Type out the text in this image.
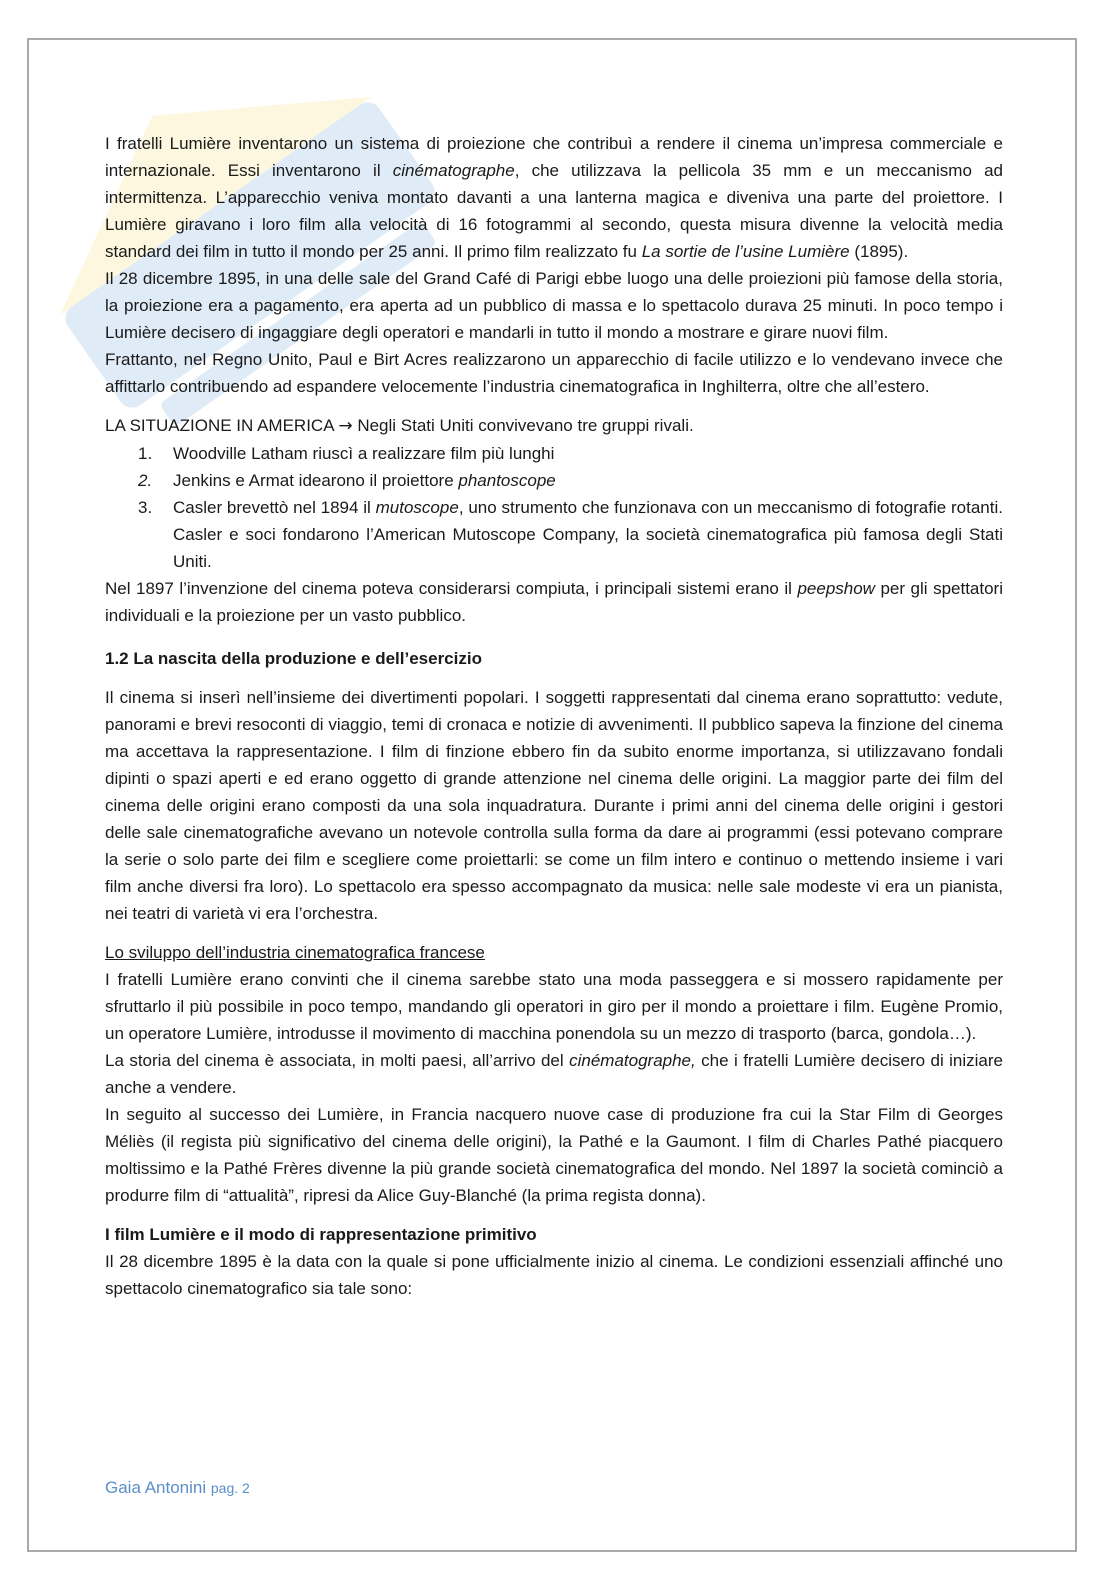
I fratelli Lumière inventarono un sistema di proiezione che contribuì a rendere il cinema un’impresa commerciale e internazionale. Essi inventarono il cinématographe, che utilizzava la pellicola 35 mm e un meccanismo ad intermittenza. L’apparecchio veniva montato davanti a una lanterna magica e diveniva una parte del proiettore. I Lumière giravano i loro film alla velocità di 16 fotogrammi al secondo, questa misura divenne la velocità media standard dei film in tutto il mondo per 25 anni. Il primo film realizzato fu La sortie de l’usine Lumière (1895).

Il 28 dicembre 1895, in una delle sale del Grand Café di Parigi ebbe luogo una delle proiezioni più famose della storia, la proiezione era a pagamento, era aperta ad un pubblico di massa e lo spettacolo durava 25 minuti. In poco tempo i Lumière decisero di ingaggiare degli operatori e mandarli in tutto il mondo a mostrare e girare nuovi film.

Frattanto, nel Regno Unito, Paul e Birt Acres realizzarono un apparecchio di facile utilizzo e lo vendevano invece che affittarlo contribuendo ad espandere velocemente l’industria cinematografica in Inghilterra, oltre che all’estero.

LA SITUAZIONE IN AMERICA → Negli Stati Uniti convivevano tre gruppi rivali.

1. Woodville Latham riuscì a realizzare film più lunghi
2. Jenkins e Armat idearono il proiettore phantoscope
3. Casler brevettò nel 1894 il mutoscope, uno strumento che funzionava con un meccanismo di fotografie rotanti. Casler e soci fondarono l’American Mutoscope Company, la società cinematografica più famosa degli Stati Uniti.

Nel 1897 l’invenzione del cinema poteva considerarsi compiuta, i principali sistemi erano il peepshow per gli spettatori individuali e la proiezione per un vasto pubblico.

1.2 La nascita della produzione e dell’esercizio

Il cinema si inserì nell’insieme dei divertimenti popolari. I soggetti rappresentati dal cinema erano soprattutto: vedute, panorami e brevi resoconti di viaggio, temi di cronaca e notizie di avvenimenti. Il pubblico sapeva la finzione del cinema ma accettava la rappresentazione. I film di finzione ebbero fin da subito enorme importanza, si utilizzavano fondali dipinti o spazi aperti e ed erano oggetto di grande attenzione nel cinema delle origini. La maggior parte dei film del cinema delle origini erano composti da una sola inquadratura. Durante i primi anni del cinema delle origini i gestori delle sale cinematografiche avevano un notevole controlla sulla forma da dare ai programmi (essi potevano comprare la serie o solo parte dei film e scegliere come proiettarli: se come un film intero e continuo o mettendo insieme i vari film anche diversi fra loro). Lo spettacolo era spesso accompagnato da musica: nelle sale modeste vi era un pianista, nei teatri di varietà vi era l’orchestra.

Lo sviluppo dell’industria cinematografica francese

I fratelli Lumière erano convinti che il cinema sarebbe stato una moda passeggera e si mossero rapidamente per sfruttarlo il più possibile in poco tempo, mandando gli operatori in giro per il mondo a proiettare i film. Eugène Promio, un operatore Lumière, introdusse il movimento di macchina ponendola su un mezzo di trasporto (barca, gondola…).

La storia del cinema è associata, in molti paesi, all’arrivo del cinématographe, che i fratelli Lumière decisero di iniziare anche a vendere.

In seguito al successo dei Lumière, in Francia nacquero nuove case di produzione fra cui la Star Film di Georges Méliès (il regista più significativo del cinema delle origini), la Pathé e la Gaumont. I film di Charles Pathé piacquero moltissimo e la Pathé Frères divenne la più grande società cinematografica del mondo. Nel 1897 la società cominciò a produrre film di “attualità”, ripresi da Alice Guy-Blanché (la prima regista donna).

I film Lumière e il modo di rappresentazione primitivo

Il 28 dicembre 1895 è la data con la quale si pone ufficialmente inizio al cinema. Le condizioni essenziali affinché uno spettacolo cinematografico sia tale sono:

Gaia Antonini pag. 2
